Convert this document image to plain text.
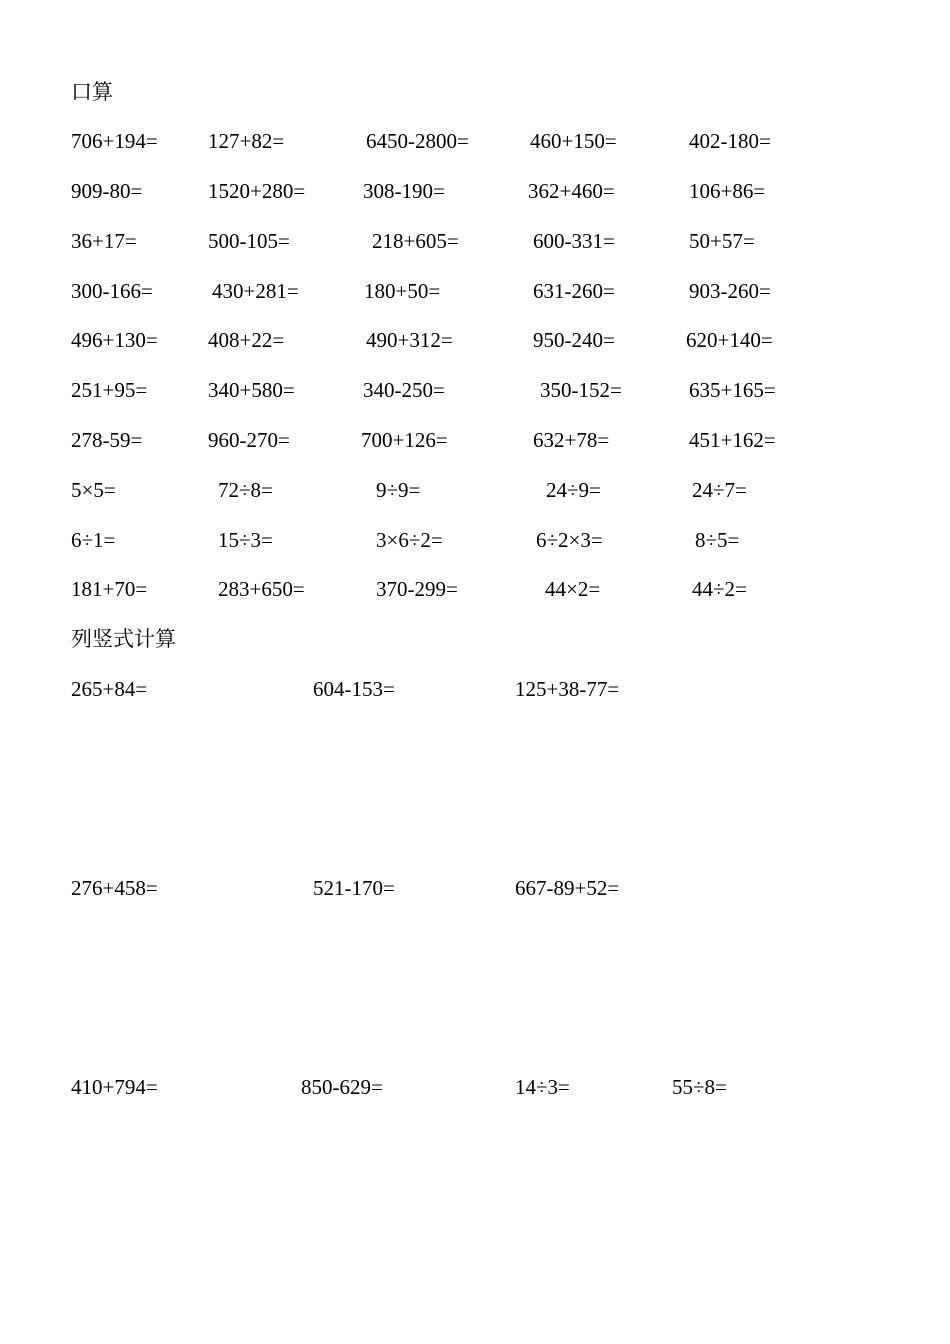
口算
706+194= 127+82=	6450-2800=	460+150=	402-180=
909-80=	1520+280=	308-190=	362+460=	106+86=
36+17=	500-105=	218+605=	600-331=	50+57=
300-166=	430+281=	180+50=	631-260=	903-260=
496+130= 408+22=	490+312=	950-240=	620+140=
251+95=	340+580=	340-250=	350-152=	635+165=
278-59=	960-270=	700+126=	632+78=	451+162=
5×5=	72÷8=	9÷9=	24÷9=	24÷7=
6÷1=	15÷3=	3×6÷2=	6÷2×3=	8÷5=
181+70=	283+650=	370-299=	44×2=	44÷2=
列竖式计算
265+84=	604-153=	125+38-77=
276+458=	521-170=	667-89+52=
410+794=	850-629=	14÷3=	55÷8=
